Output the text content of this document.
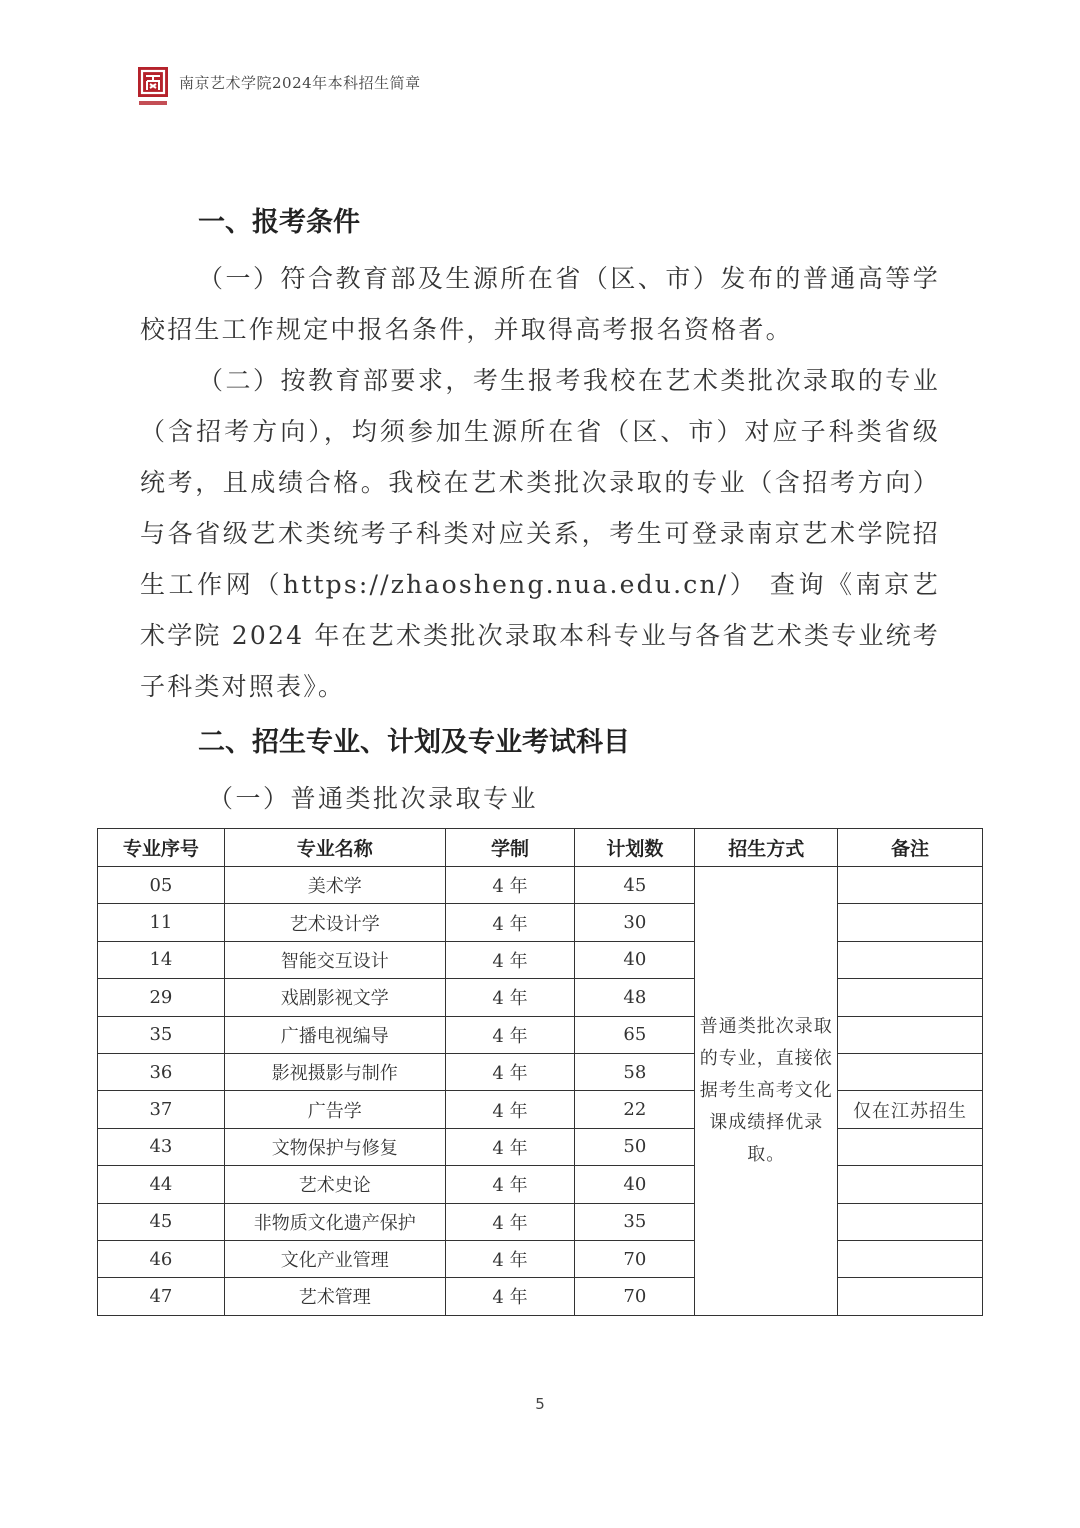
南京艺术学院2024年本科招生简章
一、报考条件

（一）符合教育部及生源所在省（区、市）发布的普通高等学校招生工作规定中报名条件，并取得高考报名资格者。

（二）按教育部要求，考生报考我校在艺术类批次录取的专业（含招考方向），均须参加生源所在省（区、市）对应子科类省级统考，且成绩合格。我校在艺术类批次录取的专业（含招考方向）与各省级艺术类统考子科类对应关系，考生可登录南京艺术学院招生工作网（https://zhaosheng.nua.edu.cn/） 查询《南京艺术学院 2024 年在艺术类批次录取本科专业与各省艺术类专业统考子科类对照表》。

二、招生专业、计划及专业考试科目
（一）普通类批次录取专业
专业序号	专业名称	学制	计划数	招生方式	备注
05	美术学	4 年	45	普通类批次录取的专业，直接依据考生高考文化课成绩择优录取。	
11	艺术设计学	4 年	30		
14	智能交互设计	4 年	40		
29	戏剧影视文学	4 年	48		
35	广播电视编导	4 年	65		
36	影视摄影与制作	4 年	58		
37	广告学	4 年	22		仅在江苏招生
43	文物保护与修复	4 年	50		
44	艺术史论	4 年	40		
45	非物质文化遗产保护	4 年	35		
46	文化产业管理	4 年	70		
47	艺术管理	4 年	70		
5
